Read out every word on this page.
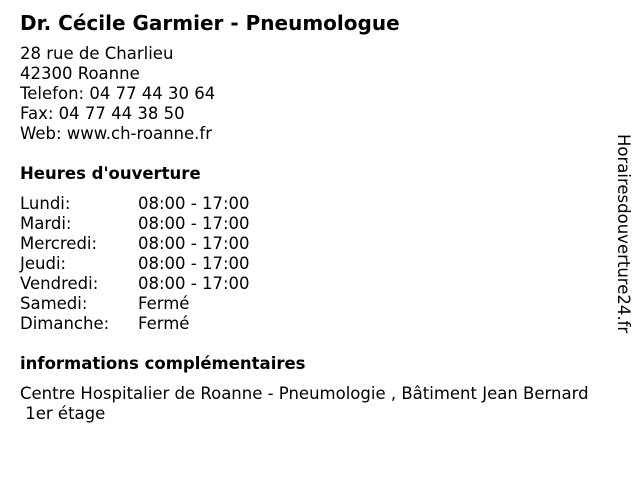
Dr. Cécile Garmier - Pneumologue
28 rue de Charlieu
42300 Roanne
Telefon: 04 77 44 30 64
Fax: 04 77 44 38 50
Web: www.ch-roanne.fr
Heures d'ouverture
Lundi:	08:00 - 17:00
Mardi:	08:00 - 17:00
Mercredi:	08:00 - 17:00
Jeudi:	08:00 - 17:00
Vendredi:	08:00 - 17:00
Samedi:	Fermé
Dimanche:	Fermé
informations complémentaires
Centre Hospitalier de Roanne - Pneumologie , Bâtiment Jean Bernard
1er étage
Horairesdouverture24.fr
